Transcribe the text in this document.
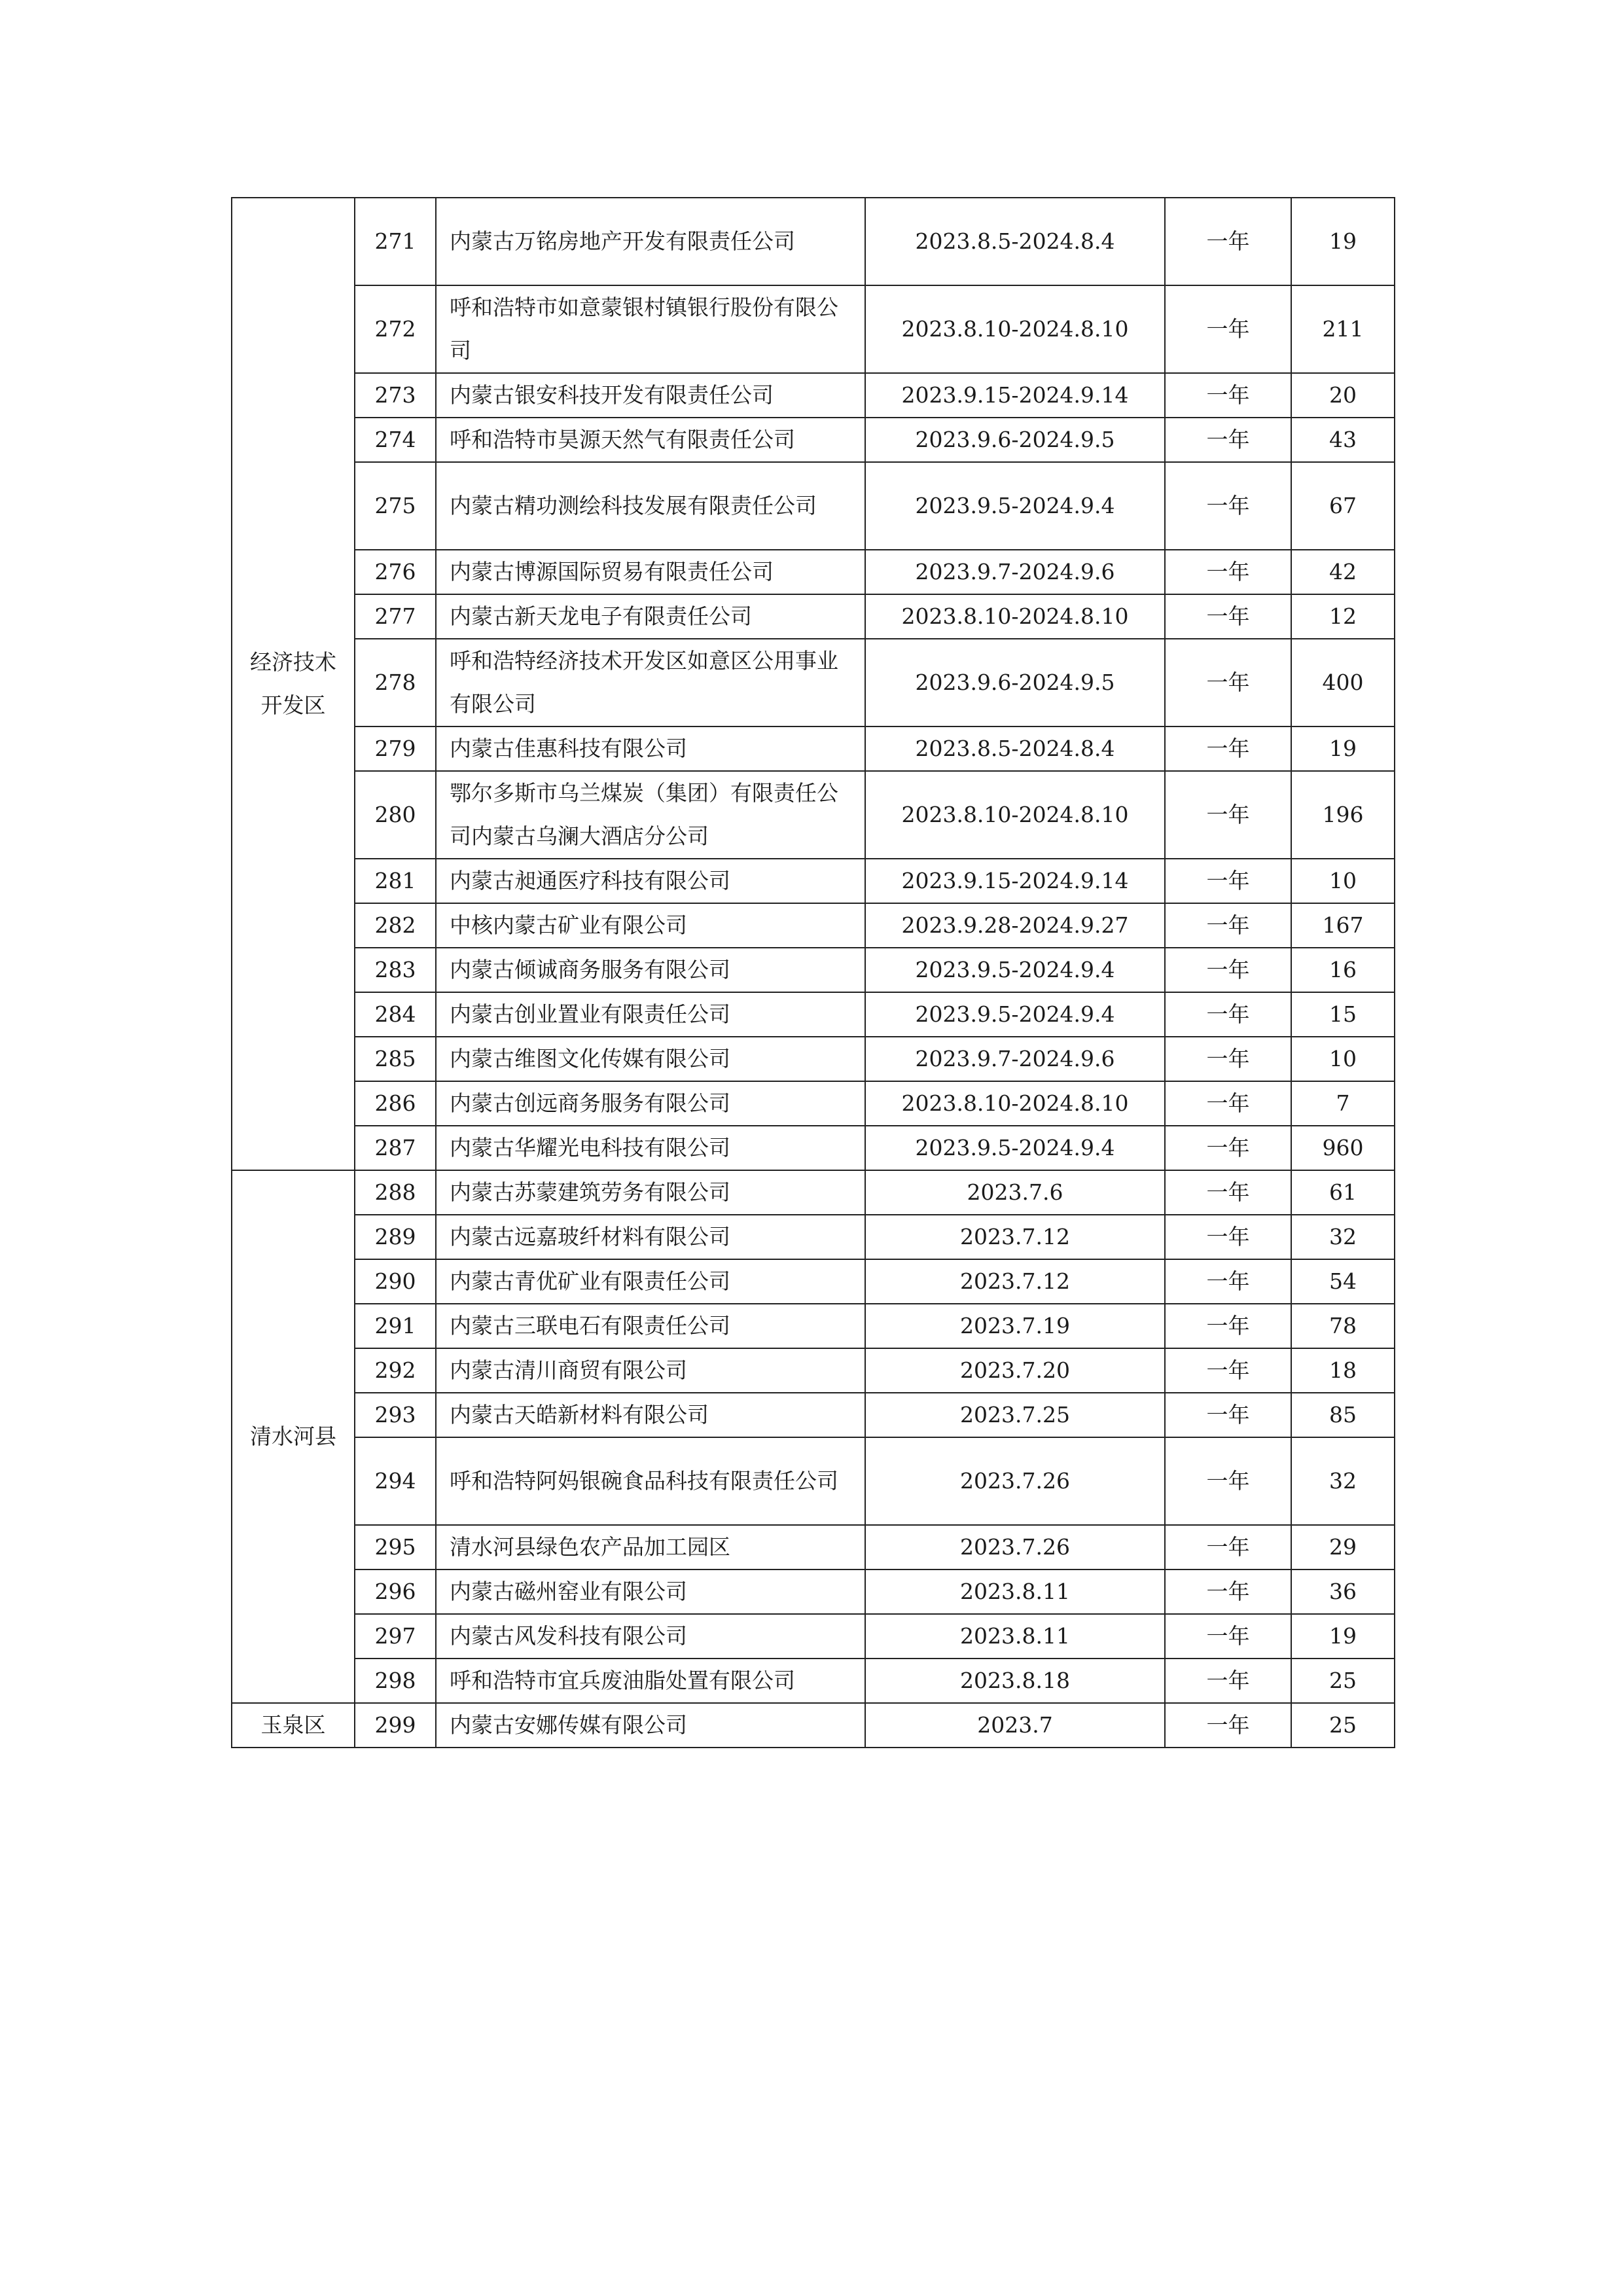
经济技术开发区	271	内蒙古万铭房地产开发有限责任公司	2023.8.5-2024.8.4	一年	19
	272	呼和浩特市如意蒙银村镇银行股份有限公司	2023.8.10-2024.8.10	一年	211
	273	内蒙古银安科技开发有限责任公司	2023.9.15-2024.9.14	一年	20
	274	呼和浩特市昊源天然气有限责任公司	2023.9.6-2024.9.5	一年	43
	275	内蒙古精功测绘科技发展有限责任公司	2023.9.5-2024.9.4	一年	67
	276	内蒙古博源国际贸易有限责任公司	2023.9.7-2024.9.6	一年	42
	277	内蒙古新天龙电子有限责任公司	2023.8.10-2024.8.10	一年	12
	278	呼和浩特经济技术开发区如意区公用事业有限公司	2023.9.6-2024.9.5	一年	400
	279	内蒙古佳惠科技有限公司	2023.8.5-2024.8.4	一年	19
	280	鄂尔多斯市乌兰煤炭（集团）有限责任公司内蒙古乌澜大酒店分公司	2023.8.10-2024.8.10	一年	196
	281	内蒙古昶通医疗科技有限公司	2023.9.15-2024.9.14	一年	10
	282	中核内蒙古矿业有限公司	2023.9.28-2024.9.27	一年	167
	283	内蒙古倾诚商务服务有限公司	2023.9.5-2024.9.4	一年	16
	284	内蒙古创业置业有限责任公司	2023.9.5-2024.9.4	一年	15
	285	内蒙古维图文化传媒有限公司	2023.9.7-2024.9.6	一年	10
	286	内蒙古创远商务服务有限公司	2023.8.10-2024.8.10	一年	7
	287	内蒙古华耀光电科技有限公司	2023.9.5-2024.9.4	一年	960
清水河县	288	内蒙古苏蒙建筑劳务有限公司	2023.7.6	一年	61
	289	内蒙古远嘉玻纤材料有限公司	2023.7.12	一年	32
	290	内蒙古青优矿业有限责任公司	2023.7.12	一年	54
	291	内蒙古三联电石有限责任公司	2023.7.19	一年	78
	292	内蒙古清川商贸有限公司	2023.7.20	一年	18
	293	内蒙古天皓新材料有限公司	2023.7.25	一年	85
	294	呼和浩特阿妈银碗食品科技有限责任公司	2023.7.26	一年	32
	295	清水河县绿色农产品加工园区	2023.7.26	一年	29
	296	内蒙古磁州窑业有限公司	2023.8.11	一年	36
	297	内蒙古风发科技有限公司	2023.8.11	一年	19
	298	呼和浩特市宜兵废油脂处置有限公司	2023.8.18	一年	25
玉泉区	299	内蒙古安娜传媒有限公司	2023.7	一年	25
